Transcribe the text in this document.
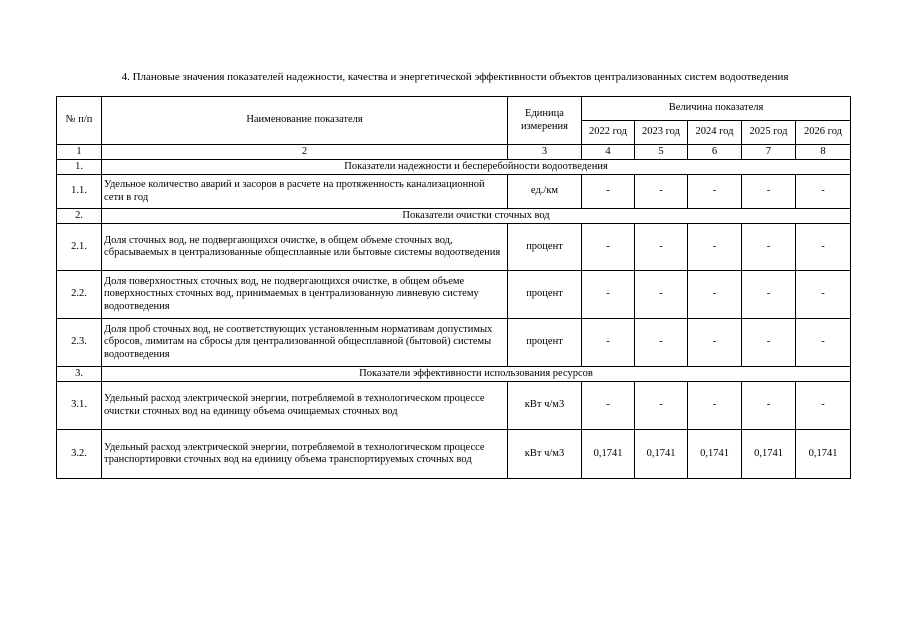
4. Плановые значения показателей надежности, качества и энергетической эффективности объектов централизованных систем водоотведения
№ п/п	Наименование показателя	Единица измерения	Величина показателя				
			2022 год	2023 год	2024 год	2025 год	2026 год
1	2	3	4	5	6	7	8
1.	Показатели надежности и бесперебойности водоотведения						
1.1.	Удельное количество аварий и засоров в расчете на протяженность канализационной сети в год	ед./км	-	-	-	-	-
2.	Показатели очистки сточных вод						
2.1.	Доля сточных вод, не подвергающихся очистке, в общем объеме сточных вод, сбрасываемых в централизованные общесплавные или бытовые системы водоотведения	процент	-	-	-	-	-
2.2.	Доля поверхностных сточных вод, не подвергающихся очистке, в общем объеме поверхностных сточных вод, принимаемых в централизованную ливневую систему водоотведения	процент	-	-	-	-	-
2.3.	Доля проб сточных вод, не соответствующих установленным нормативам допустимых сбросов, лимитам на сбросы для централизованной общесплавной (бытовой) системы водоотведения	процент	-	-	-	-	-
3.	Показатели эффективности использования ресурсов						
3.1.	Удельный расход электрической энергии, потребляемой в технологическом процессе очистки сточных вод на единицу объема очищаемых сточных вод	кВт ч/м3	-	-	-	-	-
3.2.	Удельный расход электрической энергии, потребляемой в технологическом процессе транспортировки сточных вод на единицу объема транспортируемых сточных вод	кВт ч/м3	0,1741	0,1741	0,1741	0,1741	0,1741
